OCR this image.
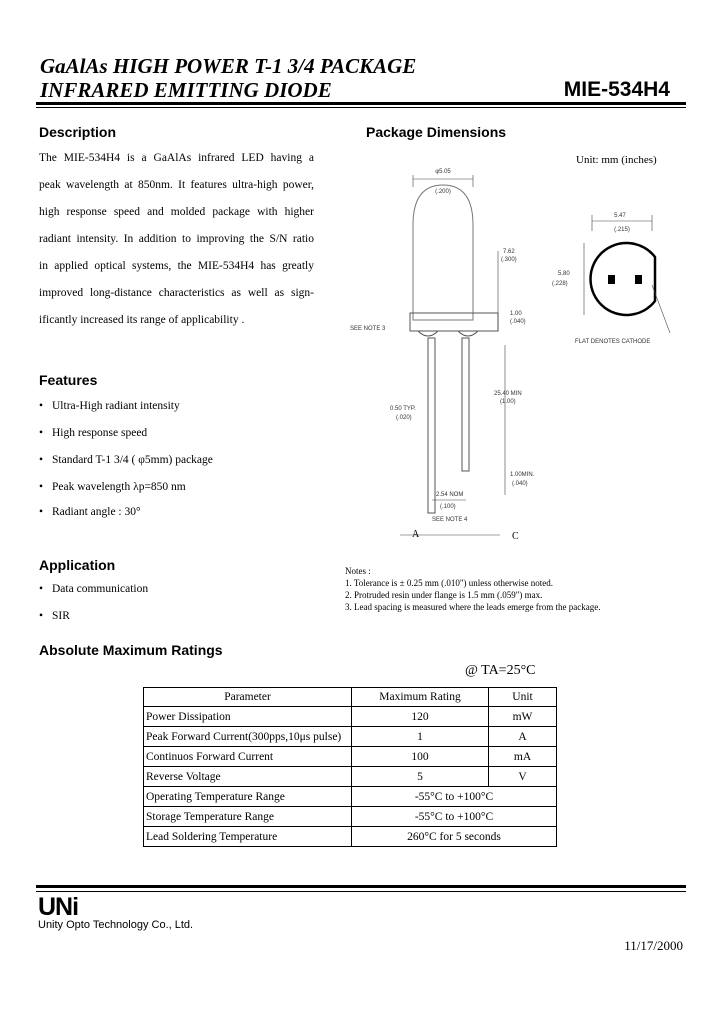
GaAlAs HIGH POWER T-1 3/4 PACKAGE
INFRARED EMITTING DIODE	MIE-534H4
Description
The MIE-534H4 is a GaAlAs infrared LED having a
peak wavelength at 850nm. It features ultra-high power,
high response speed and molded package with higher
radiant intensity. In addition to improving the S/N ratio
in applied optical systems, the MIE-534H4 has greatly
improved long-distance characteristics as well as sign-
ificantly increased its range of applicability .
Features
• Ultra-High radiant intensity
• High response speed
• Standard T-1 3/4 ( φ5mm) package
• Peak wavelength λp=850 nm
• Radiant angle : 30°
Application
• Data communication
• SIR
Package Dimensions
Unit: mm (inches)
φ5.05
(.200)
7.62
(.300)
1.00
(.040)
SEE NOTE 3
25.40 MIN
(1.00)
0.50 TYP.
(.020)
1.00MIN.
(.040)
2.54 NOM
(.100)
SEE NOTE 4
A	C
5.47
(.215)
5.80
(.228)
FLAT DENOTES CATHODE
Notes :
1. Tolerance is ± 0.25 mm (.010") unless otherwise noted.
2. Protruded resin under flange is 1.5 mm (.059") max.
3. Lead spacing is measured where the leads emerge from the package.
Absolute Maximum Ratings
@ TA=25°C
Parameter	Maximum Rating	Unit
Power Dissipation	120	mW
Peak Forward Current(300pps,10μs pulse)	1	A
Continuos Forward Current	100	mA
Reverse Voltage	5	V
Operating Temperature Range	-55°C to +100°C	
Storage Temperature Range	-55°C to +100°C	
Lead Soldering Temperature	260°C for 5 seconds	
UNi
Unity Opto Technology Co., Ltd.
11/17/2000
